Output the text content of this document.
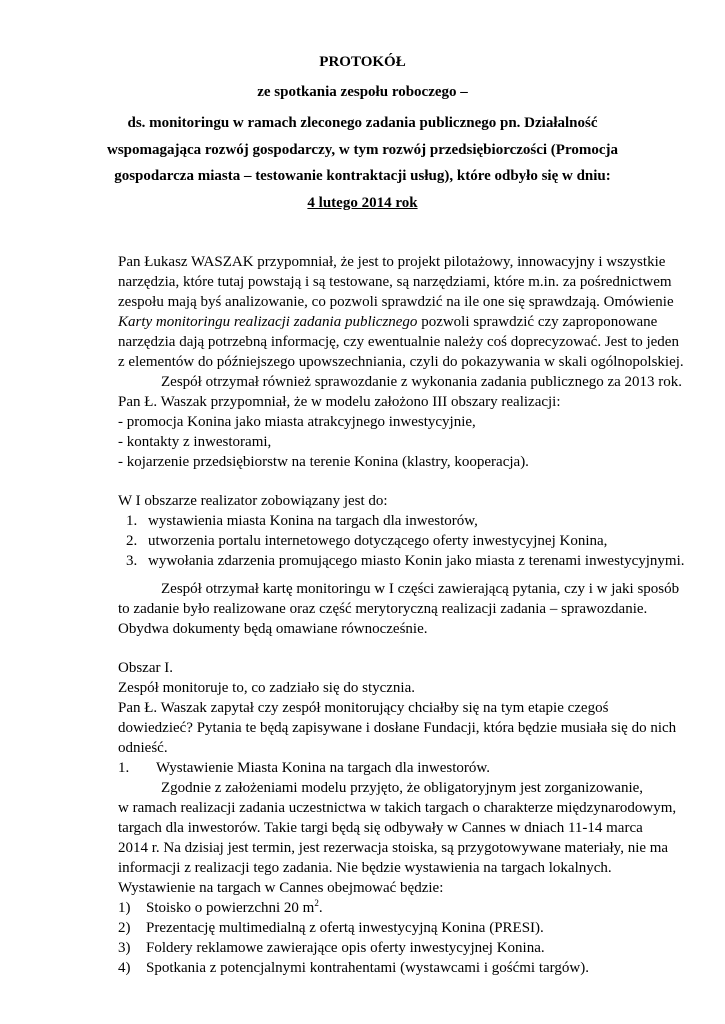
PROTOKÓŁ
ze spotkania zespołu roboczego –
ds. monitoringu w ramach zleconego zadania publicznego pn. Działalność
wspomagająca rozwój gospodarczy, w tym rozwój przedsiębiorczości (Promocja
gospodarcza miasta – testowanie kontraktacji usług), które odbyło się w dniu:
4 lutego 2014 rok
Pan Łukasz WASZAK przypomniał, że jest to projekt pilotażowy, innowacyjny i wszystkie
narzędzia, które tutaj powstają i są testowane, są narzędziami, które m.in. za pośrednictwem
zespołu mają byś analizowanie, co pozwoli sprawdzić na ile one się sprawdzają. Omówienie
Karty monitoringu realizacji zadania publicznego pozwoli sprawdzić czy zaproponowane
narzędzia dają potrzebną informację, czy ewentualnie należy coś doprecyzować. Jest to jeden
z elementów do późniejszego upowszechniania, czyli do pokazywania w skali ogólnopolskiej.
Zespół otrzymał również sprawozdanie z wykonania zadania publicznego za 2013 rok.
Pan Ł. Waszak przypomniał, że w modelu założono III obszary realizacji:
- promocja Konina jako miasta atrakcyjnego inwestycyjnie,
- kontakty z inwestorami,
- kojarzenie przedsiębiorstw na terenie Konina (klastry, kooperacja).
W I obszarze realizator zobowiązany jest do:
1. wystawienia miasta Konina na targach dla inwestorów,
2. utworzenia portalu internetowego dotyczącego oferty inwestycyjnej Konina,
3. wywołania zdarzenia promującego miasto Konin jako miasta z terenami inwestycyjnymi.
Zespół otrzymał kartę monitoringu w I części zawierającą pytania, czy i w jaki sposób
to zadanie było realizowane oraz część merytoryczną realizacji zadania – sprawozdanie.
Obydwa dokumenty będą omawiane równocześnie.
Obszar I.
Zespół monitoruje to, co zadziało się do stycznia.
Pan Ł. Waszak zapytał czy zespół monitorujący chciałby się na tym etapie czegoś
dowiedzieć? Pytania te będą zapisywane i dosłane Fundacji, która będzie musiała się do nich
odnieść.
1. Wystawienie Miasta Konina na targach dla inwestorów.
Zgodnie z założeniami modelu przyjęto, że obligatoryjnym jest zorganizowanie,
w ramach realizacji zadania uczestnictwa w takich targach o charakterze międzynarodowym,
targach dla inwestorów. Takie targi będą się odbywały w Cannes w dniach 11-14 marca
2014 r. Na dzisiaj jest termin, jest rezerwacja stoiska, są przygotowywane materiały, nie ma
informacji z realizacji tego zadania. Nie będzie wystawienia na targach lokalnych.
Wystawienie na targach w Cannes obejmować będzie:
1) Stoisko o powierzchni 20 $m^2$.
2) Prezentację multimedialną z ofertą inwestycyjną Konina (PRESI).
3) Foldery reklamowe zawierające opis oferty inwestycyjnej Konina.
4) Spotkania z potencjalnymi kontrahentami (wystawcami i gośćmi targów).
